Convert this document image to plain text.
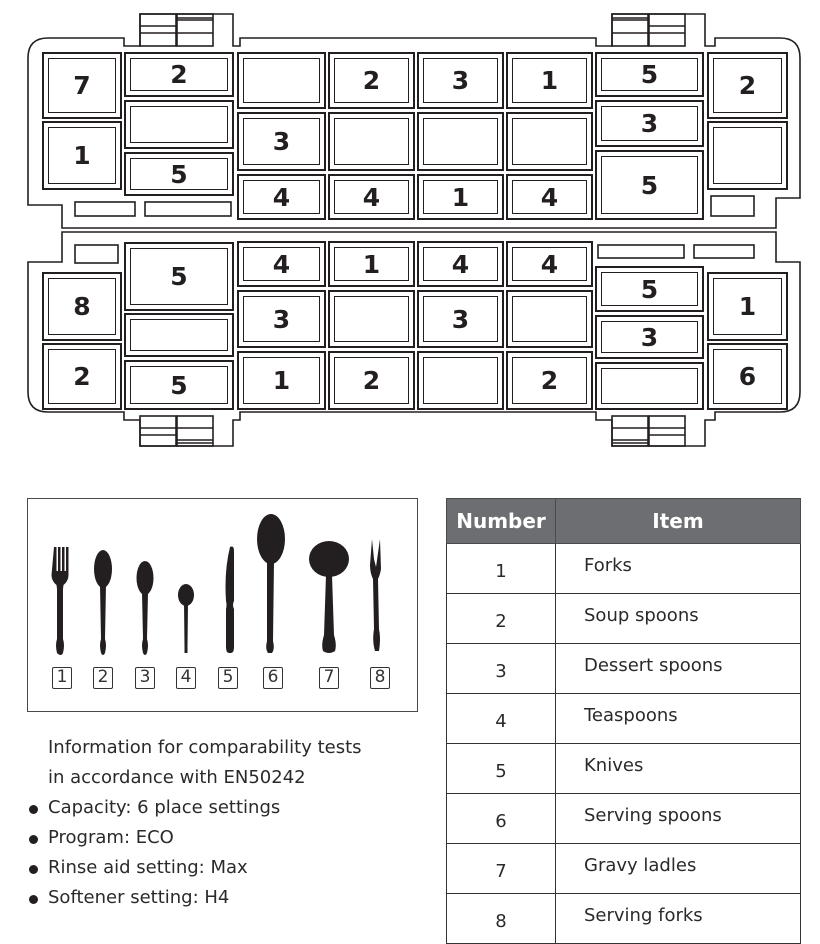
7
1
2
5
2	3	1
3
4	4	1	4
5
3
5
2
8
2
5
5
4	1	4	4
3	3
1	2	2
5
3
1
6
1 2 3 4 5 6	7 8
Information for comparability tests
in accordance with EN50242
Capacity: 6 place settings
Program: ECO
Rinse aid setting: Max
Softener setting: H4
Number	Item
1	Forks
2	Soup spoons
3	Dessert spoons
4	Teaspoons
5	Knives
6	Serving spoons
7	Gravy ladles
8	Serving forks
